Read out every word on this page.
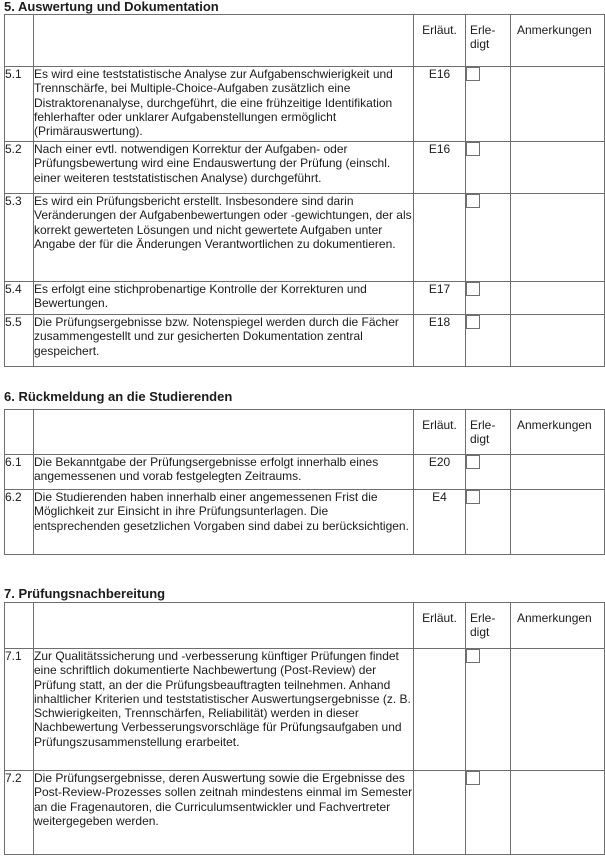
5. Auswertung und Dokumentation
		Erläut.	Erle-digt	Anmerkungen
5.1	Es wird eine teststatistische Analyse zur Aufgabenschwierigkeit und Trennschärfe, bei Multiple-Choice-Aufgaben zusätzlich eine Distraktorenanalyse, durchgeführt, die eine frühzeitige Identifikation fehlerhafter oder unklarer Aufgabenstellungen ermöglicht (Primärauswertung).	E16	

5.2	Nach einer evtl. notwendigen Korrektur der Aufgaben- oder Prüfungsbewertung wird eine Endauswertung der Prüfung (einschl. einer weiteren teststatistischen Analyse) durchgeführt.	E16	

5.3	Es wird ein Prüfungsbericht erstellt. Insbesondere sind darin Veränderungen der Aufgabenbewertungen oder -gewichtungen, der als korrekt gewerteten Lösungen und nicht gewertete Aufgaben unter Angabe der für die Änderungen Verantwortlichen zu dokumentieren.		

5.4	Es erfolgt eine stichprobenartige Kontrolle der Korrekturen und Bewertungen.	E17	

5.5	Die Prüfungsergebnisse bzw. Notenspiegel werden durch die Fächer zusammengestellt und zur gesicherten Dokumentation zentral gespeichert.	E18	

6. Rückmeldung an die Studierenden
		Erläut.	Erle-digt	Anmerkungen
6.1	Die Bekanntgabe der Prüfungsergebnisse erfolgt innerhalb eines angemessenen und vorab festgelegten Zeitraums.	E20	

6.2	Die Studierenden haben innerhalb einer angemessenen Frist die Möglichkeit zur Einsicht in ihre Prüfungsunterlagen. Die entsprechenden gesetzlichen Vorgaben sind dabei zu berücksichtigen.	E4	

7. Prüfungsnachbereitung
		Erläut.	Erle-digt	Anmerkungen
7.1	Zur Qualitätssicherung und -verbesserung künftiger Prüfungen findet eine schriftlich dokumentierte Nachbewertung (Post-Review) der Prüfung statt, an der die Prüfungsbeauftragten teilnehmen. Anhand inhaltlicher Kriterien und teststatistischer Auswertungsergebnisse (z. B. Schwierigkeiten, Trennschärfen, Reliabilität) werden in dieser Nachbewertung Verbesserungsvorschläge für Prüfungsaufgaben und Prüfungszusammenstellung erarbeitet.		

7.2	Die Prüfungsergebnisse, deren Auswertung sowie die Ergebnisse des Post-Review-Prozesses sollen zeitnah mindestens einmal im Semester an die Fragenautoren, die Curriculumsentwickler und Fachvertreter weitergegeben werden.		
